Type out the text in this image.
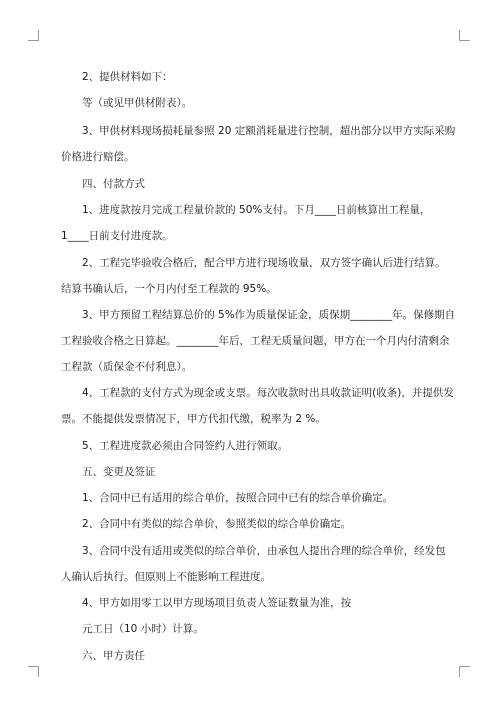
2、提供材料如下：
等（或见甲供材附表）。
3、甲供材料现场损耗量参照 20 定额消耗量进行控制，超出部分以甲方实际采购
价格进行赔偿。
四、付款方式
1、进度款按月完成工程量价款的 50%支付。下月____日前核算出工程量，
1____日前支付进度款。
2、工程完毕验收合格后，配合甲方进行现场收量，双方签字确认后进行结算。
结算书确认后，一个月内付至工程款的 95%。
3、甲方预留工程结算总价的 5%作为质量保证金，质保期________年。保修期自
工程验收合格之日算起。________年后，工程无质量问题，甲方在一个月内付清剩余
工程款（质保金不付利息）。
4、工程款的支付方式为现金或支票。每次收款时出具收款证明(收条)，并提供发
票。不能提供发票情况下，甲方代扣代缴，税率为 2 %。
5、工程进度款必须由合同签约人进行领取。
五、变更及签证
1、合同中已有适用的综合单价，按照合同中已有的综合单价确定。
2、合同中有类似的综合单价，参照类似的综合单价确定。
3、合同中没有适用或类似的综合单价，由承包人提出合理的综合单价，经发包
人确认后执行。但原则上不能影响工程进度。
4、甲方如用零工以甲方现场项目负责人签证数量为准，按
元工日（10 小时）计算。
六、甲方责任
